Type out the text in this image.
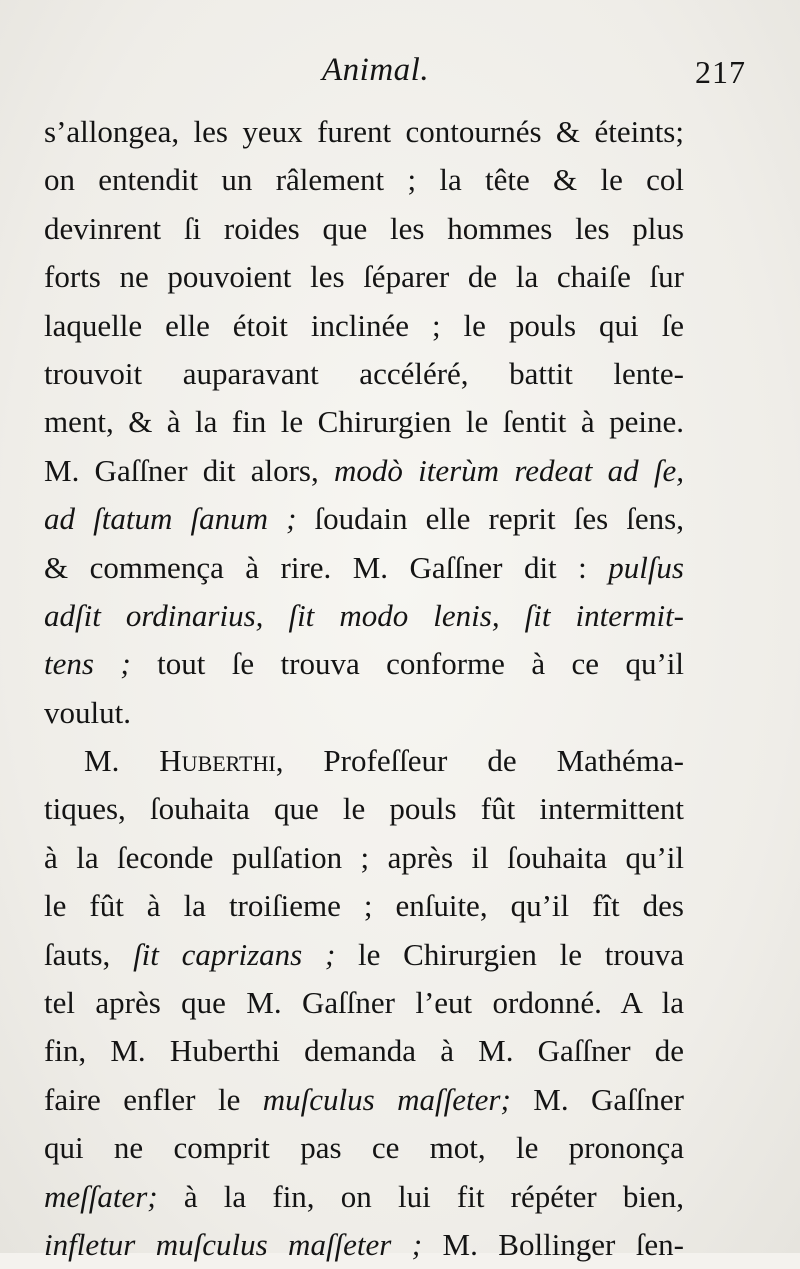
Animal.	217
s’allongea, les yeux furent contournés & éteints;
on entendit un râlement ; la tête & le col
devinrent ſi roides que les hommes les plus
forts ne pouvoient les ſéparer de la chaiſe ſur
laquelle elle étoit inclinée ; le pouls qui ſe
trouvoit auparavant accéléré, battit lente-
ment, & à la fin le Chirurgien le ſentit à peine.
M. Gaſſner dit alors, modò iterùm redeat ad ſe,
ad ſtatum ſanum ; ſoudain elle reprit ſes ſens,
& commença à rire. M. Gaſſner dit : pulſus
adſit ordinarius, ſit modo lenis, ſit intermit-
tens ; tout ſe trouva conforme à ce qu’il
voulut.
M. Huberthi, Profeſſeur de Mathéma-
tiques, ſouhaita que le pouls fût intermittent
à la ſeconde pulſation ; après il ſouhaita qu’il
le fût à la troiſieme ; enſuite, qu’il fît des
ſauts, ſit caprizans ; le Chirurgien le trouva
tel après que M. Gaſſner l’eut ordonné. A la
fin, M. Huberthi demanda à M. Gaſſner de
faire enfler le muſculus maſſeter; M. Gaſſner
qui ne comprit pas ce mot, le prononça
meſſater; à la fin, on lui fit répéter bien,
infletur muſculus maſſeter ; M. Bollinger ſen-
